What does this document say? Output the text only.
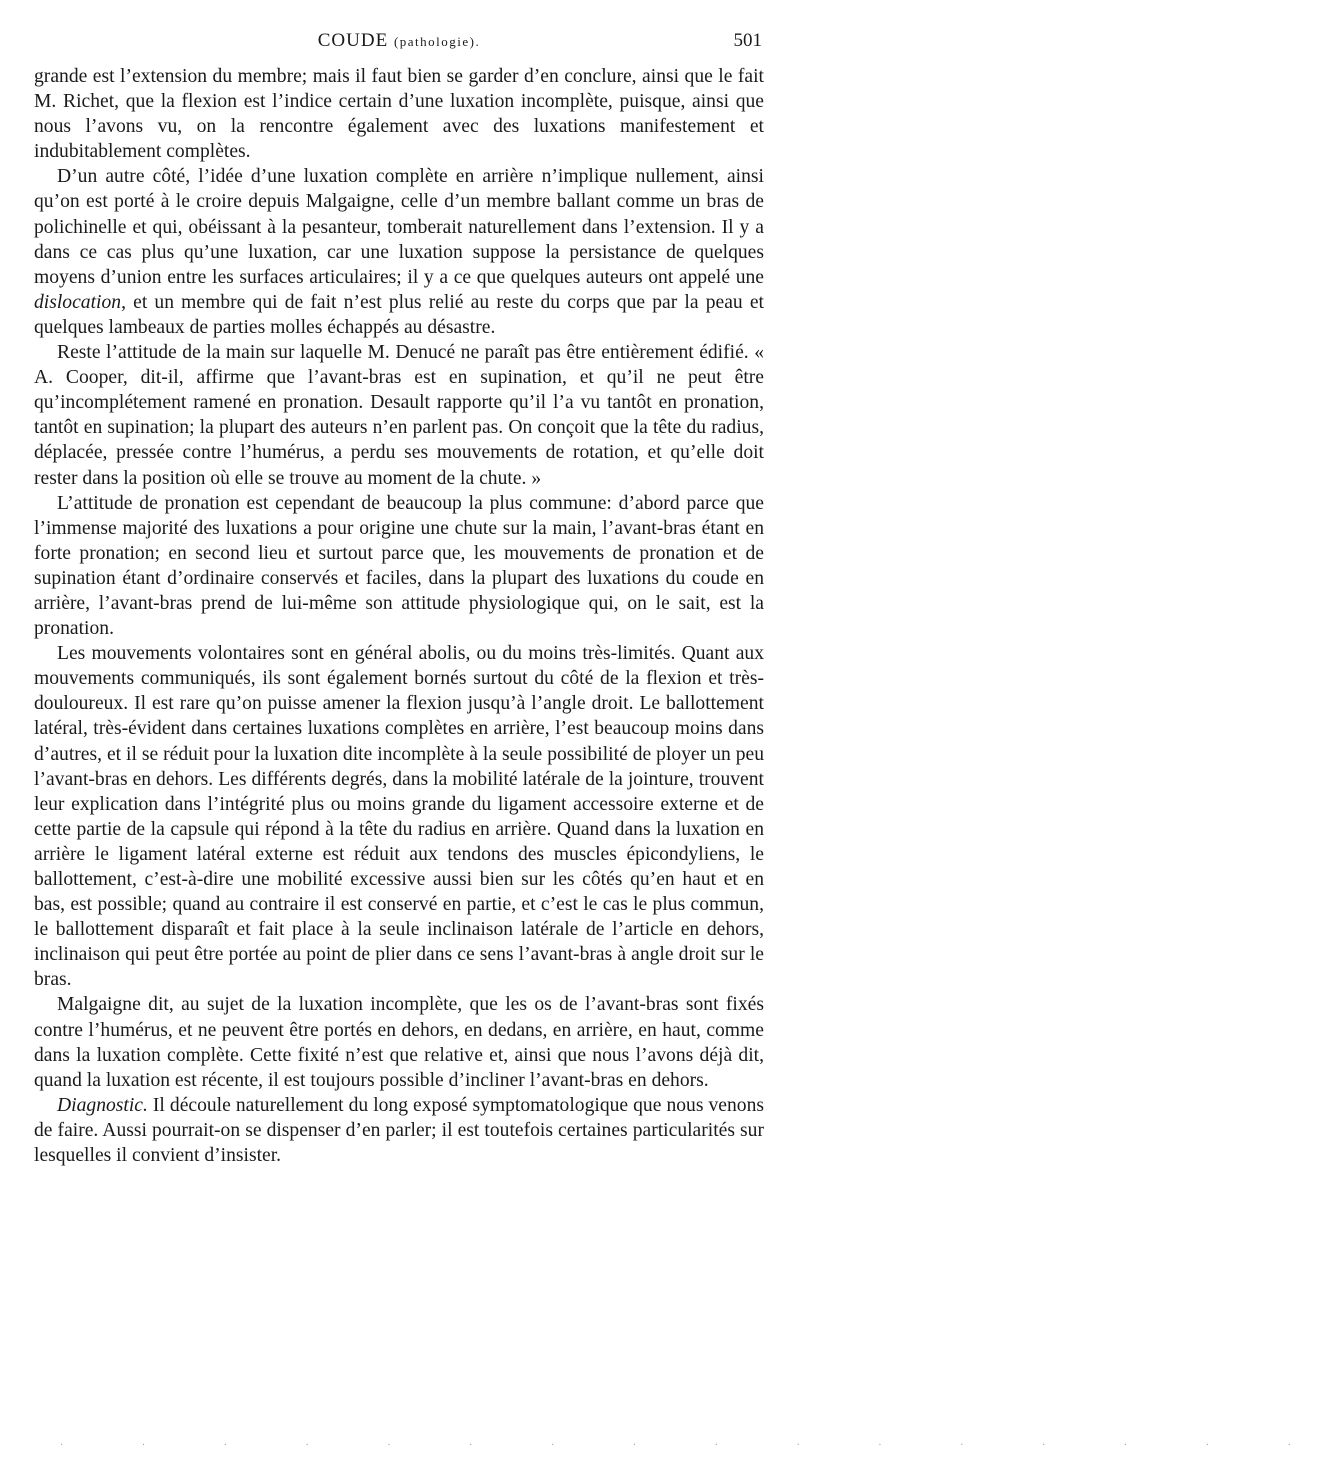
COUDE (pathologie).	501

grande est l’extension du membre; mais il faut bien se garder d’en conclure, ainsi que le fait M. Richet, que la flexion est l’indice certain d’une luxation incomplète, puisque, ainsi que nous l’avons vu, on la rencontre également avec des luxations manifestement et indubitablement complètes.

D’un autre côté, l’idée d’une luxation complète en arrière n’implique nullement, ainsi qu’on est porté à le croire depuis Malgaigne, celle d’un membre ballant comme un bras de polichinelle et qui, obéissant à la pesanteur, tomberait naturellement dans l’extension. Il y a dans ce cas plus qu’une luxation, car une luxation suppose la persistance de quelques moyens d’union entre les surfaces articulaires; il y a ce que quelques auteurs ont appelé une dislocation, et un membre qui de fait n’est plus relié au reste du corps que par la peau et quelques lambeaux de parties molles échappés au désastre.

Reste l’attitude de la main sur laquelle M. Denucé ne paraît pas être entièrement édifié. « A. Cooper, dit-il, affirme que l’avant-bras est en supination, et qu’il ne peut être qu’incomplétement ramené en pronation. Desault rapporte qu’il l’a vu tantôt en pronation, tantôt en supination; la plupart des auteurs n’en parlent pas. On conçoit que la tête du radius, déplacée, pressée contre l’humérus, a perdu ses mouvements de rotation, et qu’elle doit rester dans la position où elle se trouve au moment de la chute. »

L’attitude de pronation est cependant de beaucoup la plus commune: d’abord parce que l’immense majorité des luxations a pour origine une chute sur la main, l’avant-bras étant en forte pronation; en second lieu et surtout parce que, les mouvements de pronation et de supination étant d’ordinaire conservés et faciles, dans la plupart des luxations du coude en arrière, l’avant-bras prend de lui-même son attitude physiologique qui, on le sait, est la pronation.

Les mouvements volontaires sont en général abolis, ou du moins très-limités. Quant aux mouvements communiqués, ils sont également bornés surtout du côté de la flexion et très-douloureux. Il est rare qu’on puisse amener la flexion jusqu’à l’angle droit. Le ballottement latéral, très-évident dans certaines luxations complètes en arrière, l’est beaucoup moins dans d’autres, et il se réduit pour la luxation dite incomplète à la seule possibilité de ployer un peu l’avant-bras en dehors. Les différents degrés, dans la mobilité latérale de la jointure, trouvent leur explication dans l’intégrité plus ou moins grande du ligament accessoire externe et de cette partie de la capsule qui répond à la tête du radius en arrière. Quand dans la luxation en arrière le ligament latéral externe est réduit aux tendons des muscles épicondyliens, le ballottement, c’est-à-dire une mobilité excessive aussi bien sur les côtés qu’en haut et en bas, est possible; quand au contraire il est conservé en partie, et c’est le cas le plus commun, le ballottement disparaît et fait place à la seule inclinaison latérale de l’article en dehors, inclinaison qui peut être portée au point de plier dans ce sens l’avant-bras à angle droit sur le bras.

Malgaigne dit, au sujet de la luxation incomplète, que les os de l’avant-bras sont fixés contre l’humérus, et ne peuvent être portés en dehors, en dedans, en arrière, en haut, comme dans la luxation complète. Cette fixité n’est que relative et, ainsi que nous l’avons déjà dit, quand la luxation est récente, il est toujours possible d’incliner l’avant-bras en dehors.

Diagnostic. Il découle naturellement du long exposé symptomatologique que nous venons de faire. Aussi pourrait-on se dispenser d’en parler; il est toutefois certaines particularités sur lesquelles il convient d’insister.

· · · · · · · · · · · · · · · ·
